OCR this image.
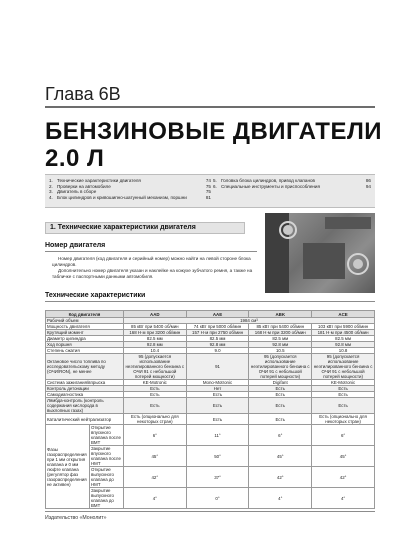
Глава 6В
БЕНЗИНОВЫЕ ДВИГАТЕЛИ
2.0 Л
1. Технические характеристики двигателя	74
2. Проверки на автомобиле	75
3. Двигатель в сборе	75
4. Блок цилиндров и кривошипно-шатунный механизм, поршни	81
5. Головка блока цилиндров, привод клапанов	86
6. Специальные инструменты и приспособления	94
1. Технические характеристики двигателя
Номер двигателя
Номер двигателя (код двигателя и серийный номер) можно найти на левой стороне блока цилиндров.
Дополнительно номер двигателя указан и наклейке на кожухе зубчатого ремня, а также на табличке с паспортными данными автомобиля.
Технические характеристики
Код двигателя		AAD	AAE	ABK	ACE
Рабочий объем		1984 см³			
Мощность двигателя		85 кВт при 5400 об/мин	74 кВт при 5000 об/мин	85 кВт при 5400 об/мин	103 кВт при 5900 об/мин
Крутящий момент		168 Н·м при 3200 об/мин	157 Н·м при 2750 об/мин	168 Н·м при 3200 об/мин	181 Н·м при 4500 об/мин
Диаметр цилиндра		82.5 мм	82.5 мм	82.5 мм	82.5 мм
Ход поршня		92.8 мм	92.8 мм	92.8 мм	92.8 мм
Степень сжатия		10.4	9.0	10.5	10.8
Октановое число топлива по исследовательскому методу (ОЧИ/RON), не менее		95 (допускается использование неэтилированного бензина с ОЧИ 91 с небольшой потерей мощности)	91	95 (допускается использование неэтилированного бензина с ОЧИ 91 с небольшой потерей мощности)	95 (допускается использование неэтилированного бензина с ОЧИ 91 с небольшой потерей мощности)
Система зажигания/впрыска		KE-Motronic	Mono-Motronic	Digifant	KE-Motronic
Контроль детонации		Есть	Нет	Есть	Есть
Самодиагностика		Есть	Есть	Есть	Есть
Лямбда-контроль (контроль содержания кислорода в выхлопных газах)		Есть	Есть	Есть	Есть
Каталитический нейтрализатор		Есть (опционально для некоторых стран)	Есть	Есть	Есть (опционально для некоторых стран)
Фазы газораспределения при 1 мм открытия клапана и 0 мм люфте клапана (регулятор фаз газораспределения не активен)	Открытие впускного клапана после ВМТ	6°	11°	6°	6°
	Закрытие впускного клапана после НМТ	45°	50°	45°	45°
	Открытие выпускного клапана до НМТ	42°	37°	42°	42°
	Закрытие выпускного клапана до ВМТ	4°	0°	4°	4°
Издательство «Монолит»
